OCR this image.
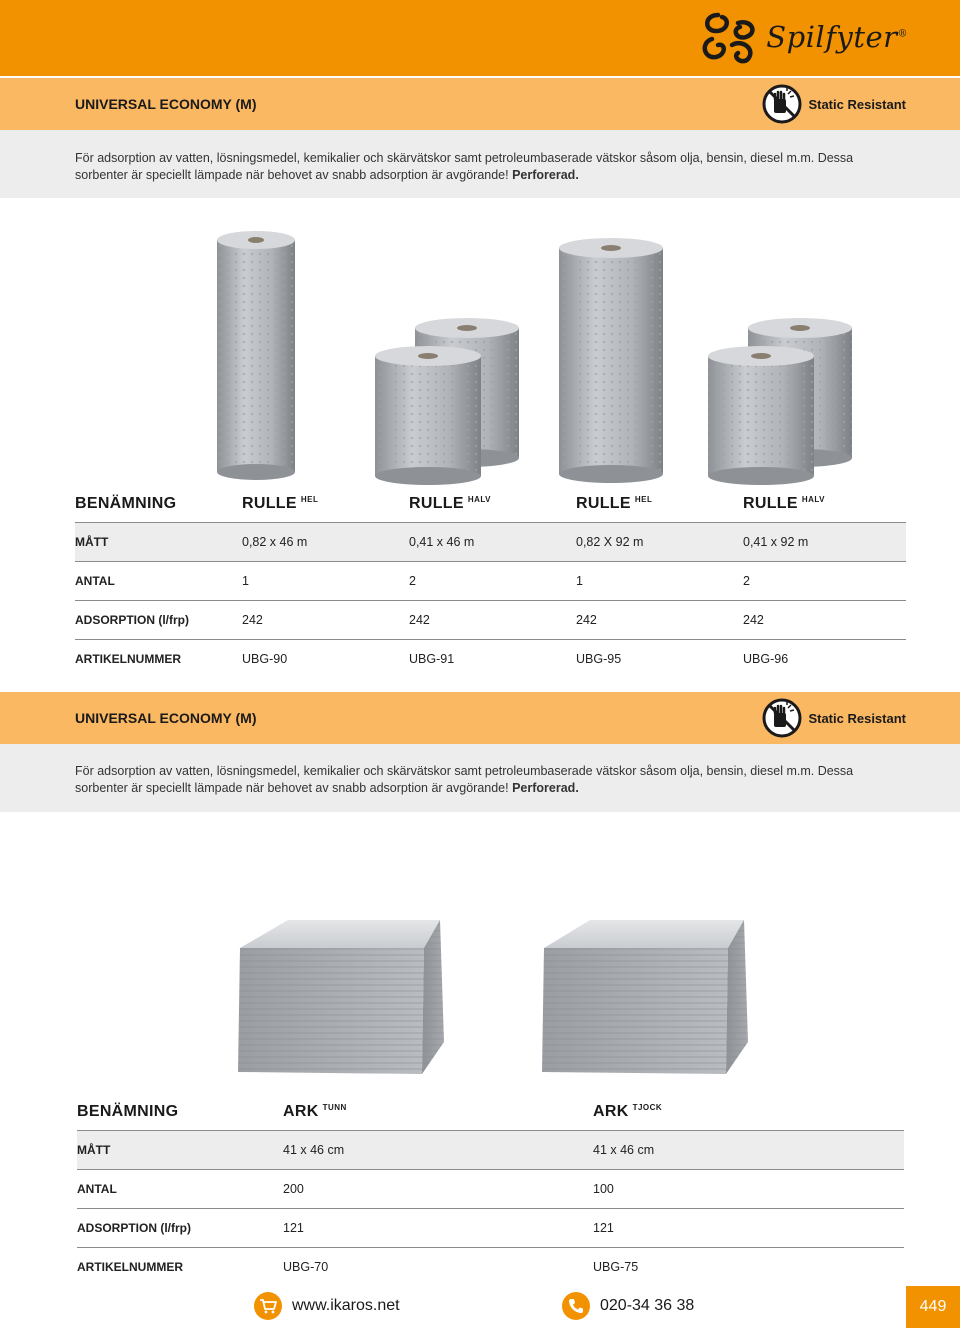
Spilfyter®
UNIVERSAL ECONOMY (M)	Static Resistant

För adsorption av vatten, lösningsmedel, kemikalier och skärvätskor samt petroleumbaserade vätskor såsom olja, bensin, diesel m.m. Dessa sorbenter är speciellt lämpade när behovet av snabb adsorption är avgörande! Perforerad.

BENÄMNING	RULLE $^{HEL}$	RULLE $^{HALV}$	RULLE $^{HEL}$	RULLE $^{HALV}$
MÅTT	0,82 x 46 m	0,41 x 46 m	0,82 X 92 m	0,41 x 92 m
ANTAL	1	2	1	2
ADSORPTION (l/frp)	242	242	242	242
ARTIKELNUMMER	UBG-90	UBG-91	UBG-95	UBG-96
UNIVERSAL ECONOMY (M)	Static Resistant

För adsorption av vatten, lösningsmedel, kemikalier och skärvätskor samt petroleumbaserade vätskor såsom olja, bensin, diesel m.m. Dessa sorbenter är speciellt lämpade när behovet av snabb adsorption är avgörande! Perforerad.

BENÄMNING	ARK $^{TUNN}$	ARK $^{TJOCK}$
MÅTT	41 x 46 cm	41 x 46 cm
ANTAL	200	100
ADSORPTION (l/frp)	121	121
ARTIKELNUMMER	UBG-70	UBG-75
www.ikaros.net	020-34 36 38	449
